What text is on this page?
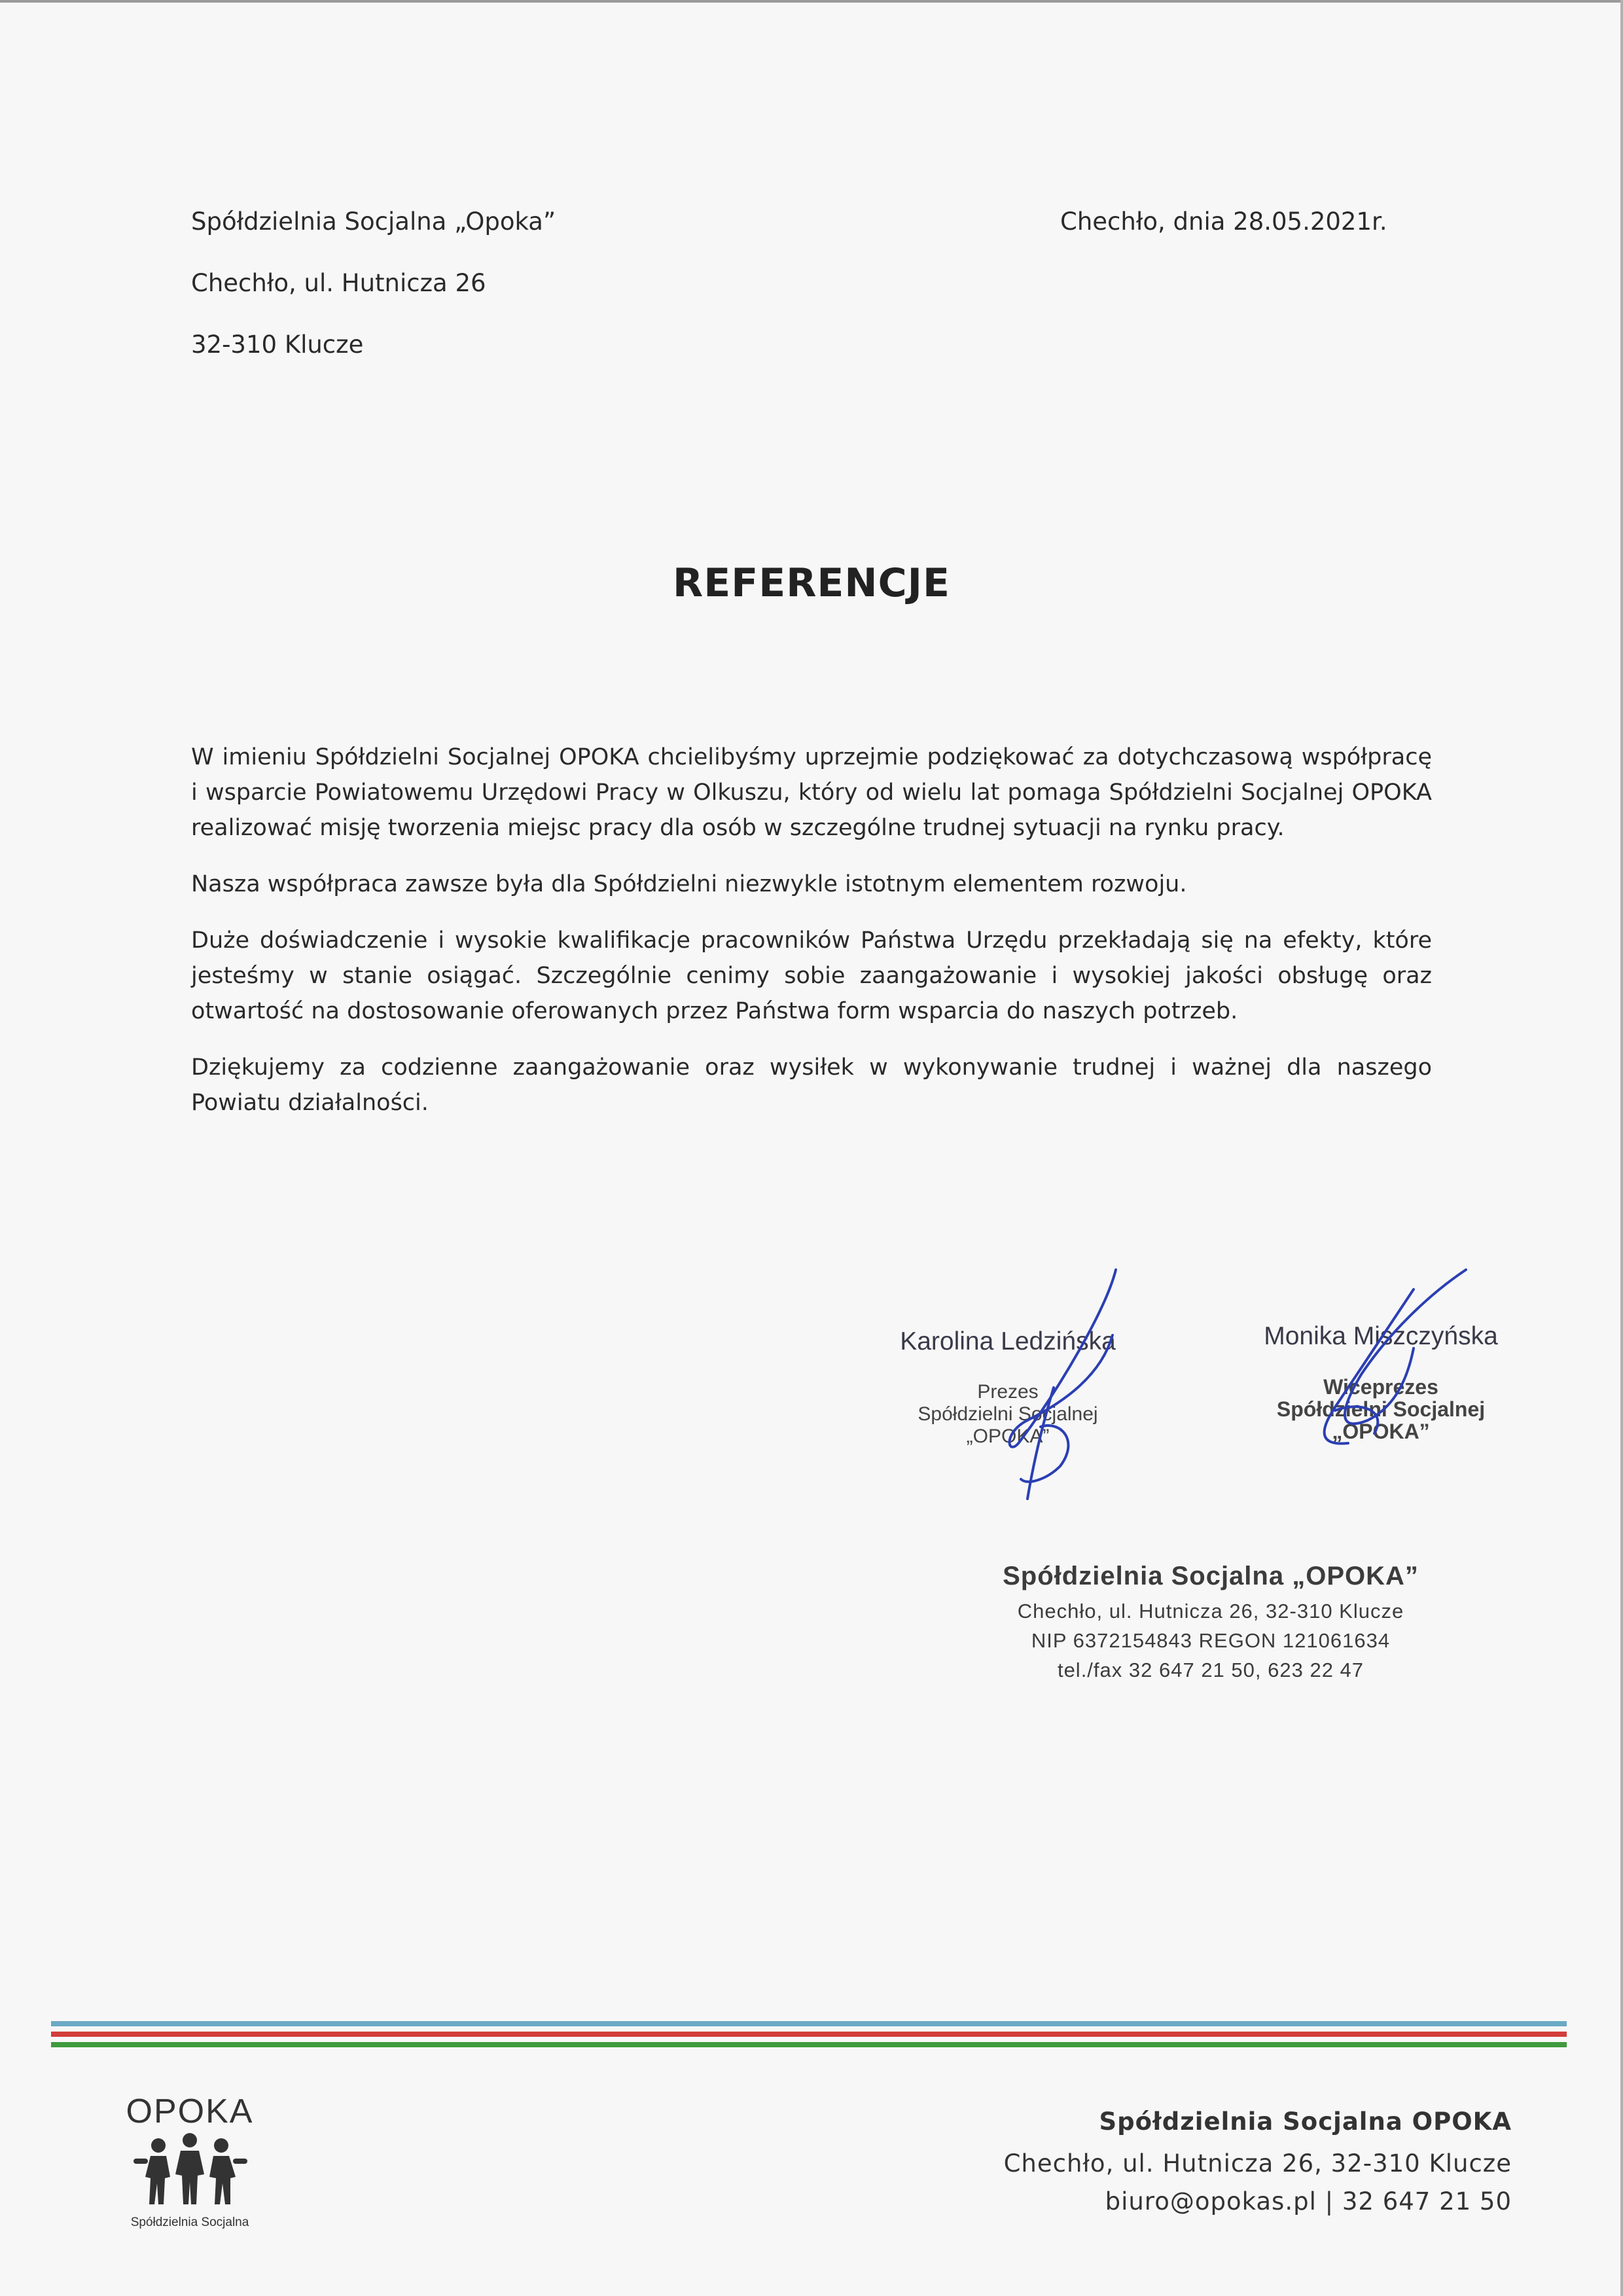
Spółdzielnia Socjalna „Opoka”
Chechło, ul. Hutnicza 26
32-310 Klucze
Chechło, dnia 28.05.2021r.
REFERENCJE

W imieniu Spółdzielni Socjalnej OPOKA chcielibyśmy uprzejmie podziękować za dotychczasową współpracę i wsparcie Powiatowemu Urzędowi Pracy w Olkuszu, który od wielu lat pomaga Spółdzielni Socjalnej OPOKA realizować misję tworzenia miejsc pracy dla osób w szczególne trudnej sytuacji na rynku pracy.

Nasza współpraca zawsze była dla Spółdzielni niezwykle istotnym elementem rozwoju.

Duże doświadczenie i wysokie kwalifikacje pracowników Państwa Urzędu przekładają się na efekty, które jesteśmy w stanie osiągać. Szczególnie cenimy sobie zaangażowanie i wysokiej jakości obsługę oraz otwartość na dostosowanie oferowanych przez Państwa form wsparcia do naszych potrzeb.

Dziękujemy za codzienne zaangażowanie oraz wysiłek w wykonywanie trudnej i ważnej dla naszego Powiatu działalności.

Karolina Ledzińska
Prezes
Spółdzielni Socjalnej
„OPOKA”
Monika Miszczyńska
Wiceprezes
Spółdzielni Socjalnej
„OPOKA”
Spółdzielnia Socjalna „OPOKA”
Chechło, ul. Hutnicza 26, 32-310 Klucze
NIP 6372154843 REGON 121061634
tel./fax 32 647 21 50, 623 22 47
OPOKA
Spółdzielnia Socjalna
Spółdzielnia Socjalna OPOKA
Chechło, ul. Hutnicza 26, 32-310 Klucze
biuro@opokas.pl | 32 647 21 50
